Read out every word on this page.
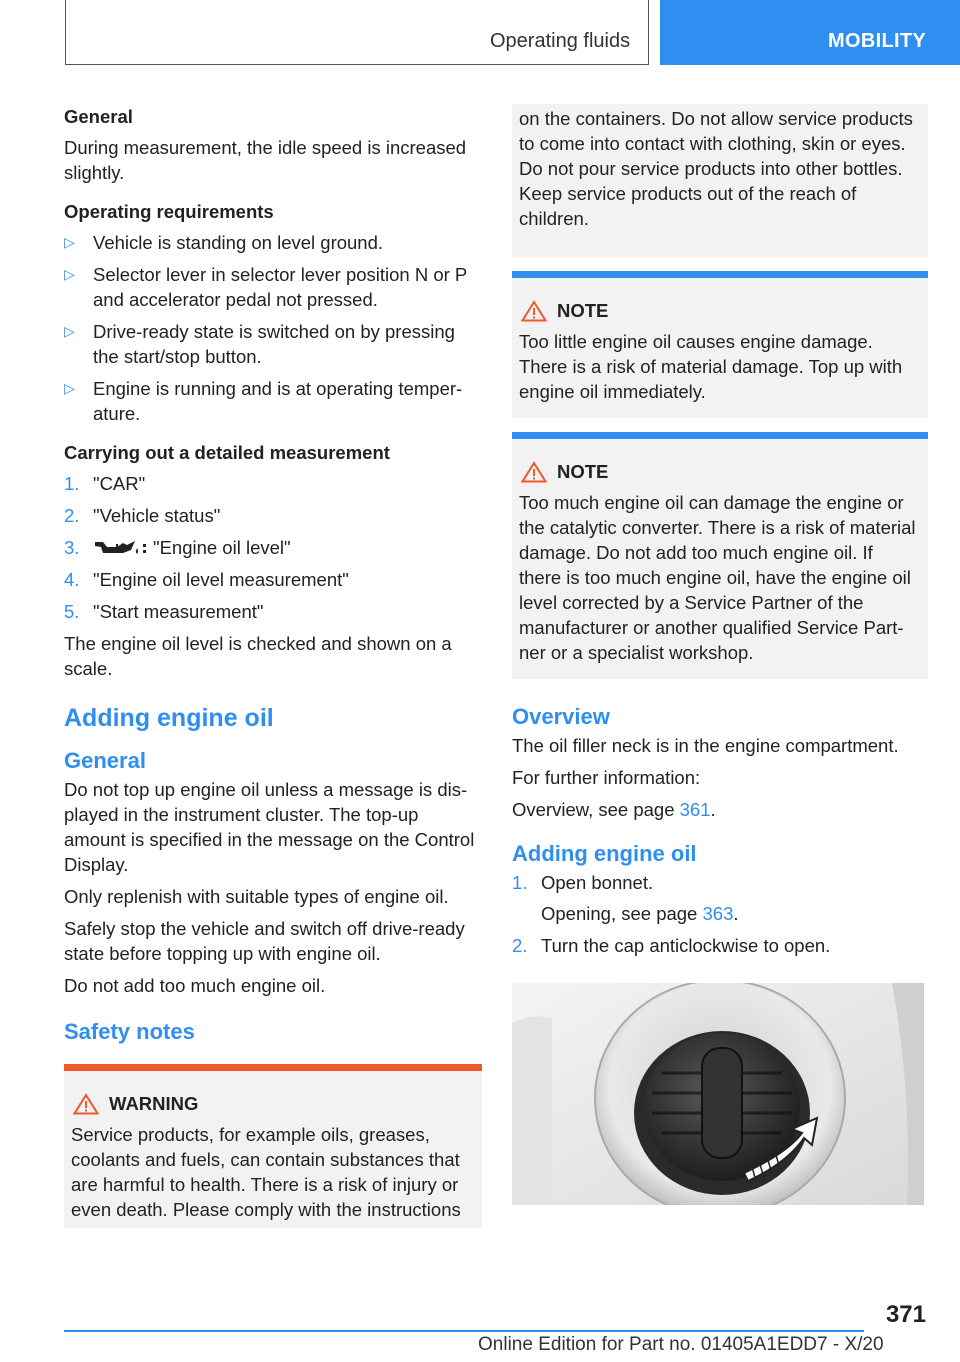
Operating fluids	MOBILITY
General

During measurement, the idle speed is increased slightly.

Operating requirements
▷ Vehicle is standing on level ground.
▷ Selector lever in selector lever position N or P and accelerator pedal not pressed.
▷ Drive-ready state is switched on by pressing the start/stop button.
▷ Engine is running and is at operating temperature.
Carrying out a detailed measurement
1. "CAR"
2. "Vehicle status"
3.	"Engine oil level"
4. "Engine oil level measurement"
5. "Start measurement"

The engine oil level is checked and shown on a scale.

Adding engine oil
General

Do not top up engine oil unless a message is displayed in the instrument cluster. The top-up amount is specified in the message on the Control Display.

Only replenish with suitable types of engine oil.

Safely stop the vehicle and switch off drive-ready state before topping up with engine oil.

Do not add too much engine oil.

Safety notes
WARNING
Service products, for example oils, greases, coolants and fuels, can contain substances that are harmful to health. There is a risk of injury or even death. Please comply with the instructions
on the containers. Do not allow service products to come into contact with clothing, skin or eyes. Do not pour service products into other bottles. Keep service products out of the reach of children.
NOTE
Too little engine oil causes engine damage. There is a risk of material damage. Top up with engine oil immediately.
NOTE
Too much engine oil can damage the engine or the catalytic converter. There is a risk of material damage. Do not add too much engine oil. If there is too much engine oil, have the engine oil level corrected by a Service Partner of the manufacturer or another qualified Service Partner or a specialist workshop.
Overview

The oil filler neck is in the engine compartment.

For further information:

Overview, see page 361.

Adding engine oil
1. Open bonnet.
Opening, see page 363.
2. Turn the cap anticlockwise to open.
371
Online Edition for Part no. 01405A1EDD7 - X/20
